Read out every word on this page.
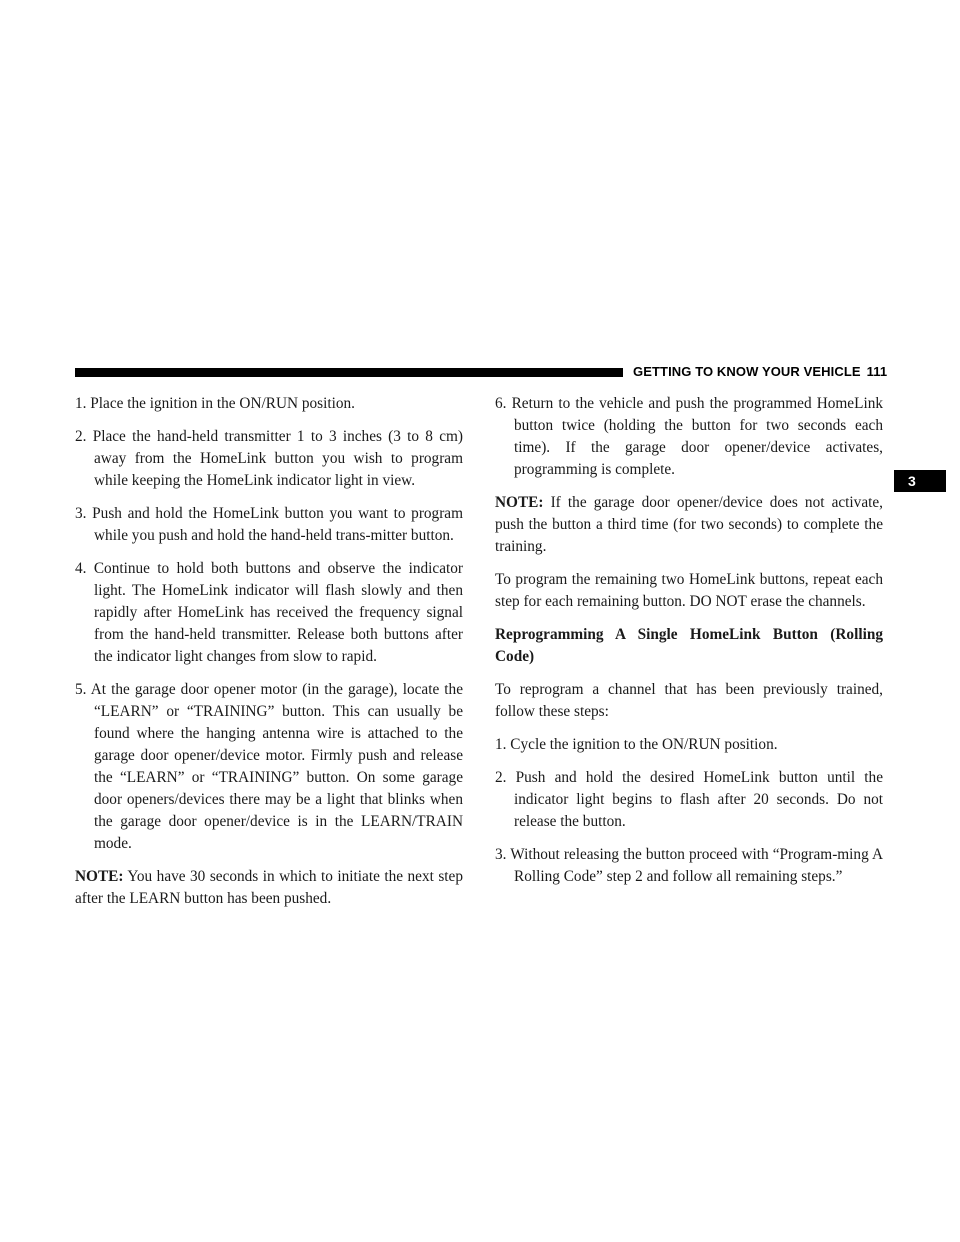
GETTING TO KNOW YOUR VEHICLE 111
3

1. Place the ignition in the ON/RUN position.

2. Place the hand-held transmitter 1 to 3 inches (3 to 8 cm) away from the HomeLink button you wish to program while keeping the HomeLink indicator light in view.

3. Push and hold the HomeLink button you want to program while you push and hold the hand-held trans-mitter button.

4. Continue to hold both buttons and observe the indicator light. The HomeLink indicator will flash slowly and then rapidly after HomeLink has received the frequency signal from the hand-held transmitter. Release both buttons after the indicator light changes from slow to rapid.

5. At the garage door opener motor (in the garage), locate the “LEARN” or “TRAINING” button. This can usually be found where the hanging antenna wire is attached to the garage door opener/device motor. Firmly push and release the “LEARN” or “TRAINING” button. On some garage door openers/devices there may be a light that blinks when the garage door opener/device is in the LEARN/TRAIN mode.

NOTE: You have 30 seconds in which to initiate the next step after the LEARN button has been pushed.

6. Return to the vehicle and push the programmed HomeLink button twice (holding the button for two seconds each time). If the garage door opener/device activates, programming is complete.

NOTE: If the garage door opener/device does not activate, push the button a third time (for two seconds) to complete the training.

To program the remaining two HomeLink buttons, repeat each step for each remaining button. DO NOT erase the channels.

Reprogramming A Single HomeLink Button (Rolling Code)

To reprogram a channel that has been previously trained, follow these steps:

1. Cycle the ignition to the ON/RUN position.

2. Push and hold the desired HomeLink button until the indicator light begins to flash after 20 seconds. Do not release the button.

3. Without releasing the button proceed with “Program-ming A Rolling Code” step 2 and follow all remaining steps.”
